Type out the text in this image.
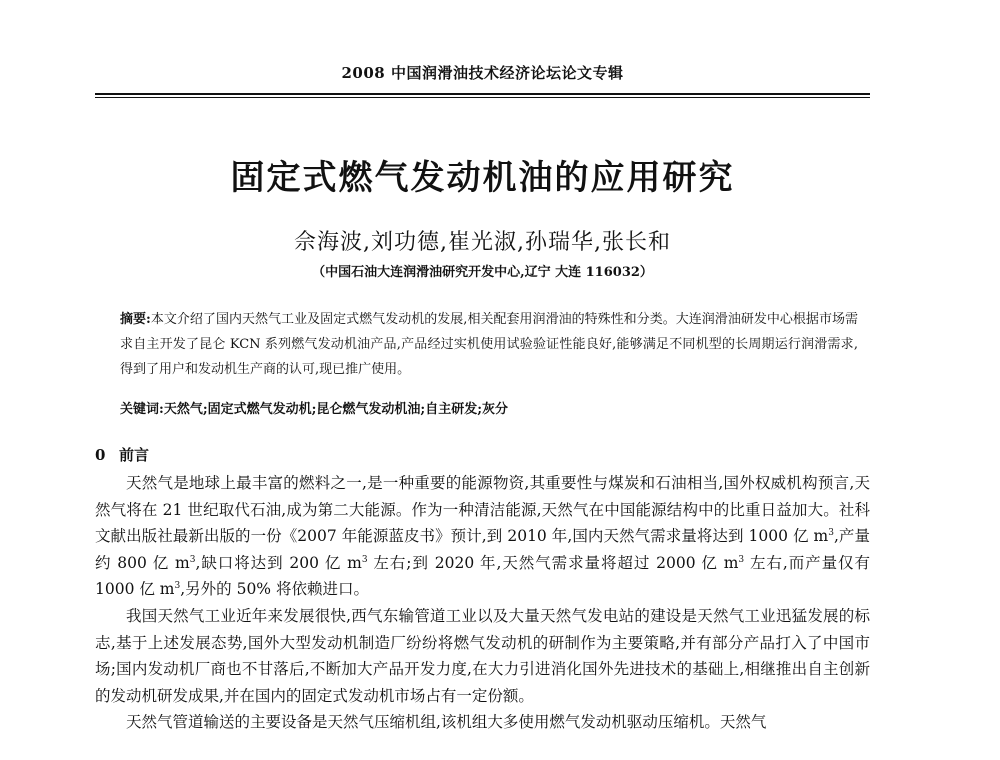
2008 中国润滑油技术经济论坛论文专辑
固定式燃气发动机油的应用研究
佘海波,刘功德,崔光淑,孙瑞华,张长和
（中国石油大连润滑油研究开发中心,辽宁 大连 116032）
摘要:本文介绍了国内天然气工业及固定式燃气发动机的发展,相关配套用润滑油的特殊性和分类。大连润滑油研发中心根据市场需求自主开发了昆仑 KCN 系列燃气发动机油产品,产品经过实机使用试验验证性能良好,能够满足不同机型的长周期运行润滑需求,得到了用户和发动机生产商的认可,现已推广使用。
关键词:天然气;固定式燃气发动机;昆仑燃气发动机油;自主研发;灰分
0 前言

天然气是地球上最丰富的燃料之一,是一种重要的能源物资,其重要性与煤炭和石油相当,国外权威机构预言,天然气将在 21 世纪取代石油,成为第二大能源。作为一种清洁能源,天然气在中国能源结构中的比重日益加大。社科文献出版社最新出版的一份《2007 年能源蓝皮书》预计,到 2010 年,国内天然气需求量将达到 1000 亿 $m^3$,产量约 800 亿 $m^3$,缺口将达到 200 亿 $m^3$ 左右;到 2020 年,天然气需求量将超过 2000 亿 $m^3$ 左右,而产量仅有 1000 亿 $m^3$,另外的 50% 将依赖进口。

我国天然气工业近年来发展很快,西气东输管道工业以及大量天然气发电站的建设是天然气工业迅猛发展的标志,基于上述发展态势,国外大型发动机制造厂纷纷将燃气发动机的研制作为主要策略,并有部分产品打入了中国市场;国内发动机厂商也不甘落后,不断加大产品开发力度,在大力引进消化国外先进技术的基础上,相继推出自主创新的发动机研发成果,并在国内的固定式发动机市场占有一定份额。

天然气管道输送的主要设备是天然气压缩机组,该机组大多使用燃气发动机驱动压缩机。天然气
